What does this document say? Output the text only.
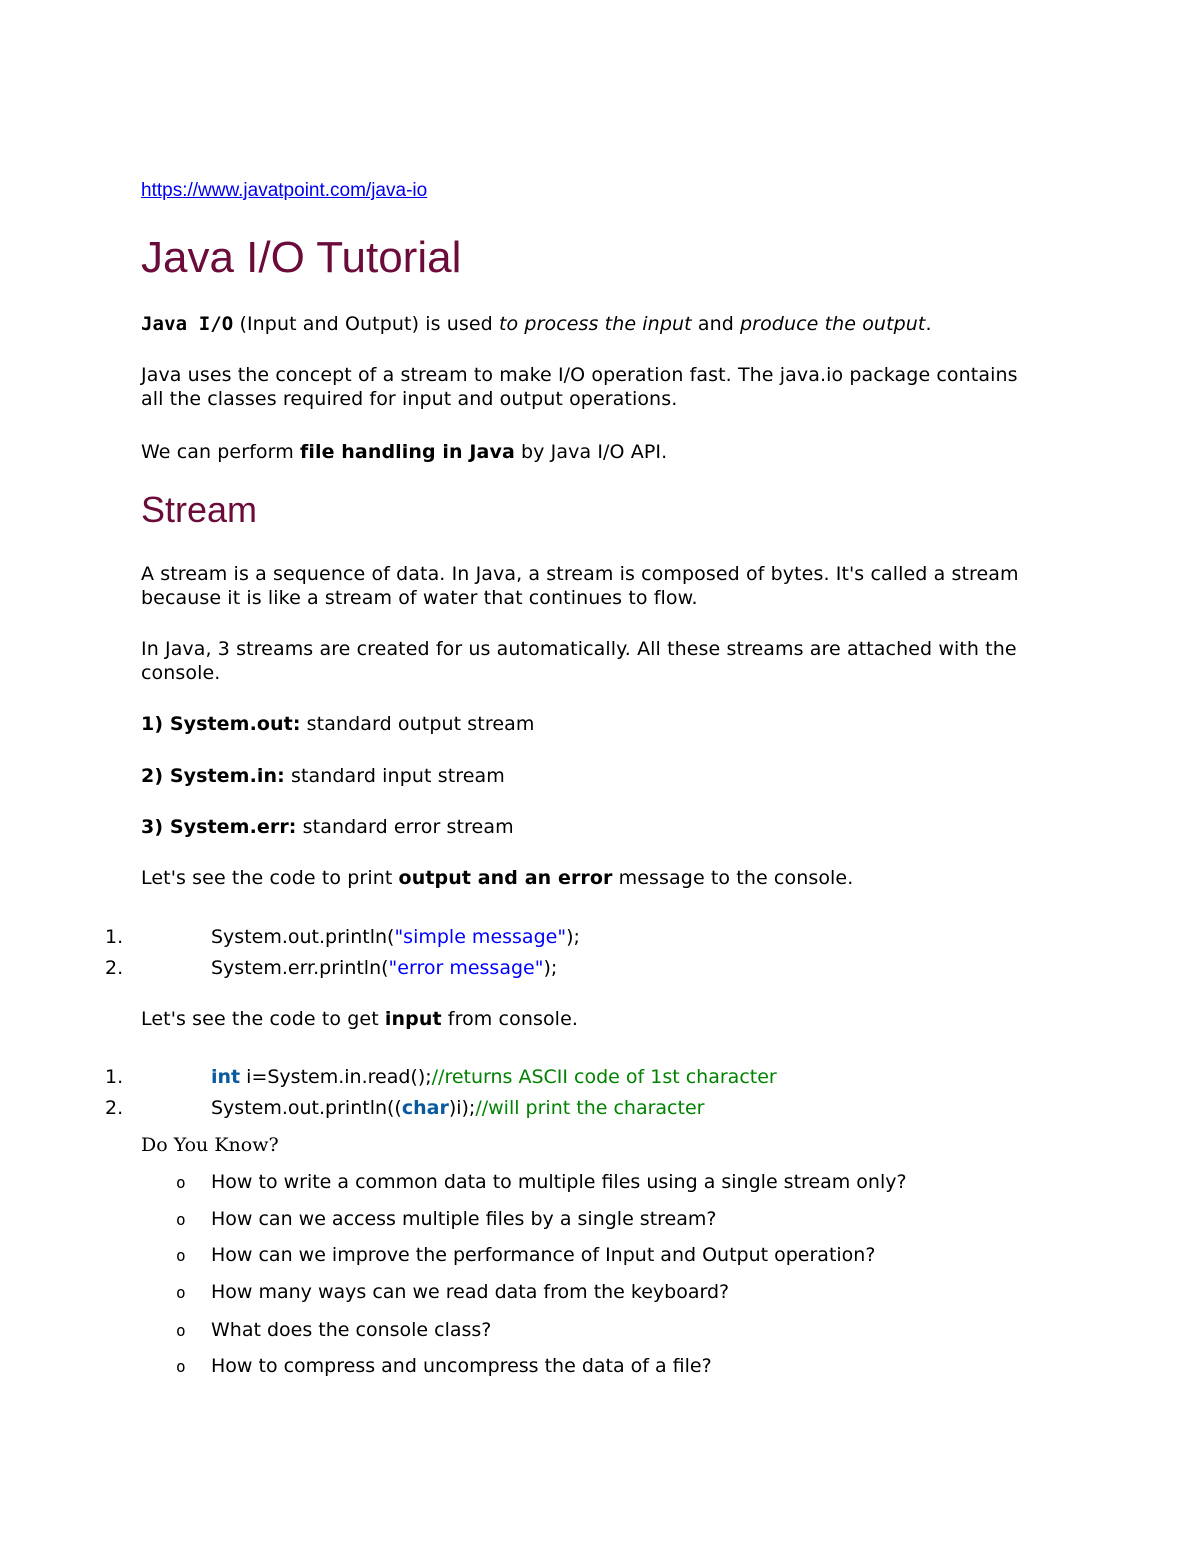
https://www.javatpoint.com/java-io
Java I/O Tutorial

Java I/O (Input and Output) is used to process the input and produce the output.

Java uses the concept of a stream to make I/O operation fast. The java.io package contains
all the classes required for input and output operations.

We can perform file handling in Java by Java I/O API.

Stream

A stream is a sequence of data. In Java, a stream is composed of bytes. It's called a stream
because it is like a stream of water that continues to flow.

In Java, 3 streams are created for us automatically. All these streams are attached with the
console.

1) System.out: standard output stream

2) System.in: standard input stream

3) System.err: standard error stream

Let's see the code to print output and an error message to the console.

1.	System.out.println("simple message");
2.	System.err.println("error message");

Let's see the code to get input from console.

1.	int i=System.in.read();//returns ASCII code of 1st character
2.	System.out.println((char)i);//will print the character
Do You Know?
o How to write a common data to multiple files using a single stream only?
o How can we access multiple files by a single stream?
o How can we improve the performance of Input and Output operation?
o How many ways can we read data from the keyboard?
o What does the console class?
o How to compress and uncompress the data of a file?
